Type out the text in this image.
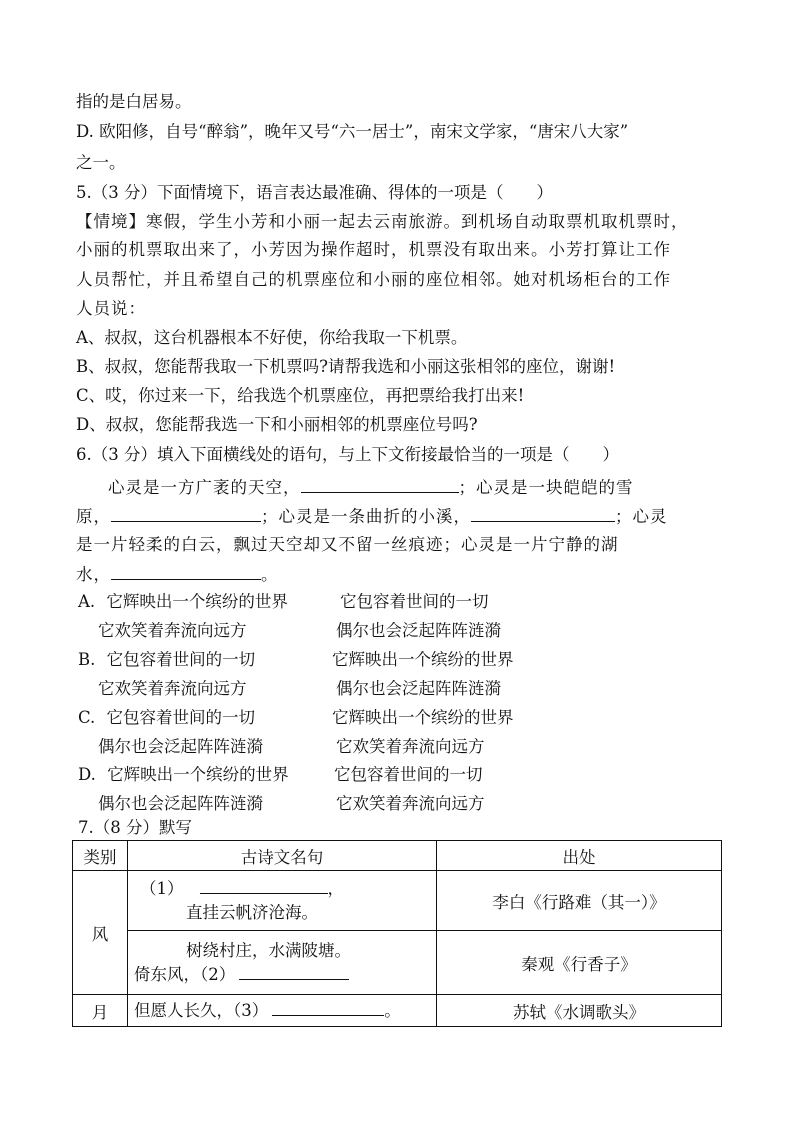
指的是白居易。
D. 欧阳修，自号“醉翁”，晚年又号“六一居士”，南宋文学家，“唐宋八大家”
之一。
5.（3 分）下面情境下，语言表达最准确、得体的一项是（　　）
【情境】寒假，学生小芳和小丽一起去云南旅游。到机场自动取票机取机票时，
小丽的机票取出来了，小芳因为操作超时，机票没有取出来。小芳打算让工作
人员帮忙，并且希望自己的机票座位和小丽的座位相邻。她对机场柜台的工作
人员说：
A、叔叔，这台机器根本不好使，你给我取一下机票。
B、叔叔，您能帮我取一下机票吗?请帮我选和小丽这张相邻的座位，谢谢!
C、哎，你过来一下，给我选个机票座位，再把票给我打出来!
D、叔叔，您能帮我选一下和小丽相邻的机票座位号吗?
6.（3 分）填入下面横线处的语句，与上下文衔接最恰当的一项是（　　）
心灵是一方广袤的天空，	；心灵是一块皑皑的雪
原，	；心灵是一条曲折的小溪，	；心灵
是一片轻柔的白云，飘过天空却又不留一丝痕迹；心灵是一片宁静的湖
水，	。
A. 它辉映出一个缤纷的世界	它包容着世间的一切
它欢笑着奔流向远方	偶尔也会泛起阵阵涟漪
B. 它包容着世间的一切	它辉映出一个缤纷的世界
它欢笑着奔流向远方	偶尔也会泛起阵阵涟漪
C. 它包容着世间的一切	它辉映出一个缤纷的世界
偶尔也会泛起阵阵涟漪	它欢笑着奔流向远方
D. 它辉映出一个缤纷的世界	它包容着世间的一切
偶尔也会泛起阵阵涟漪	它欢笑着奔流向远方
7.（8 分）默写
类别	古诗文名句	出处
风	（1） ，
直挂云帆济沧海。	李白《行路难（其一）》

	树绕村庄，水满陂塘。
倚东风，（2）	秦观《行香子》
月	但愿人长久，（3） 。	苏轼《水调歌头》
